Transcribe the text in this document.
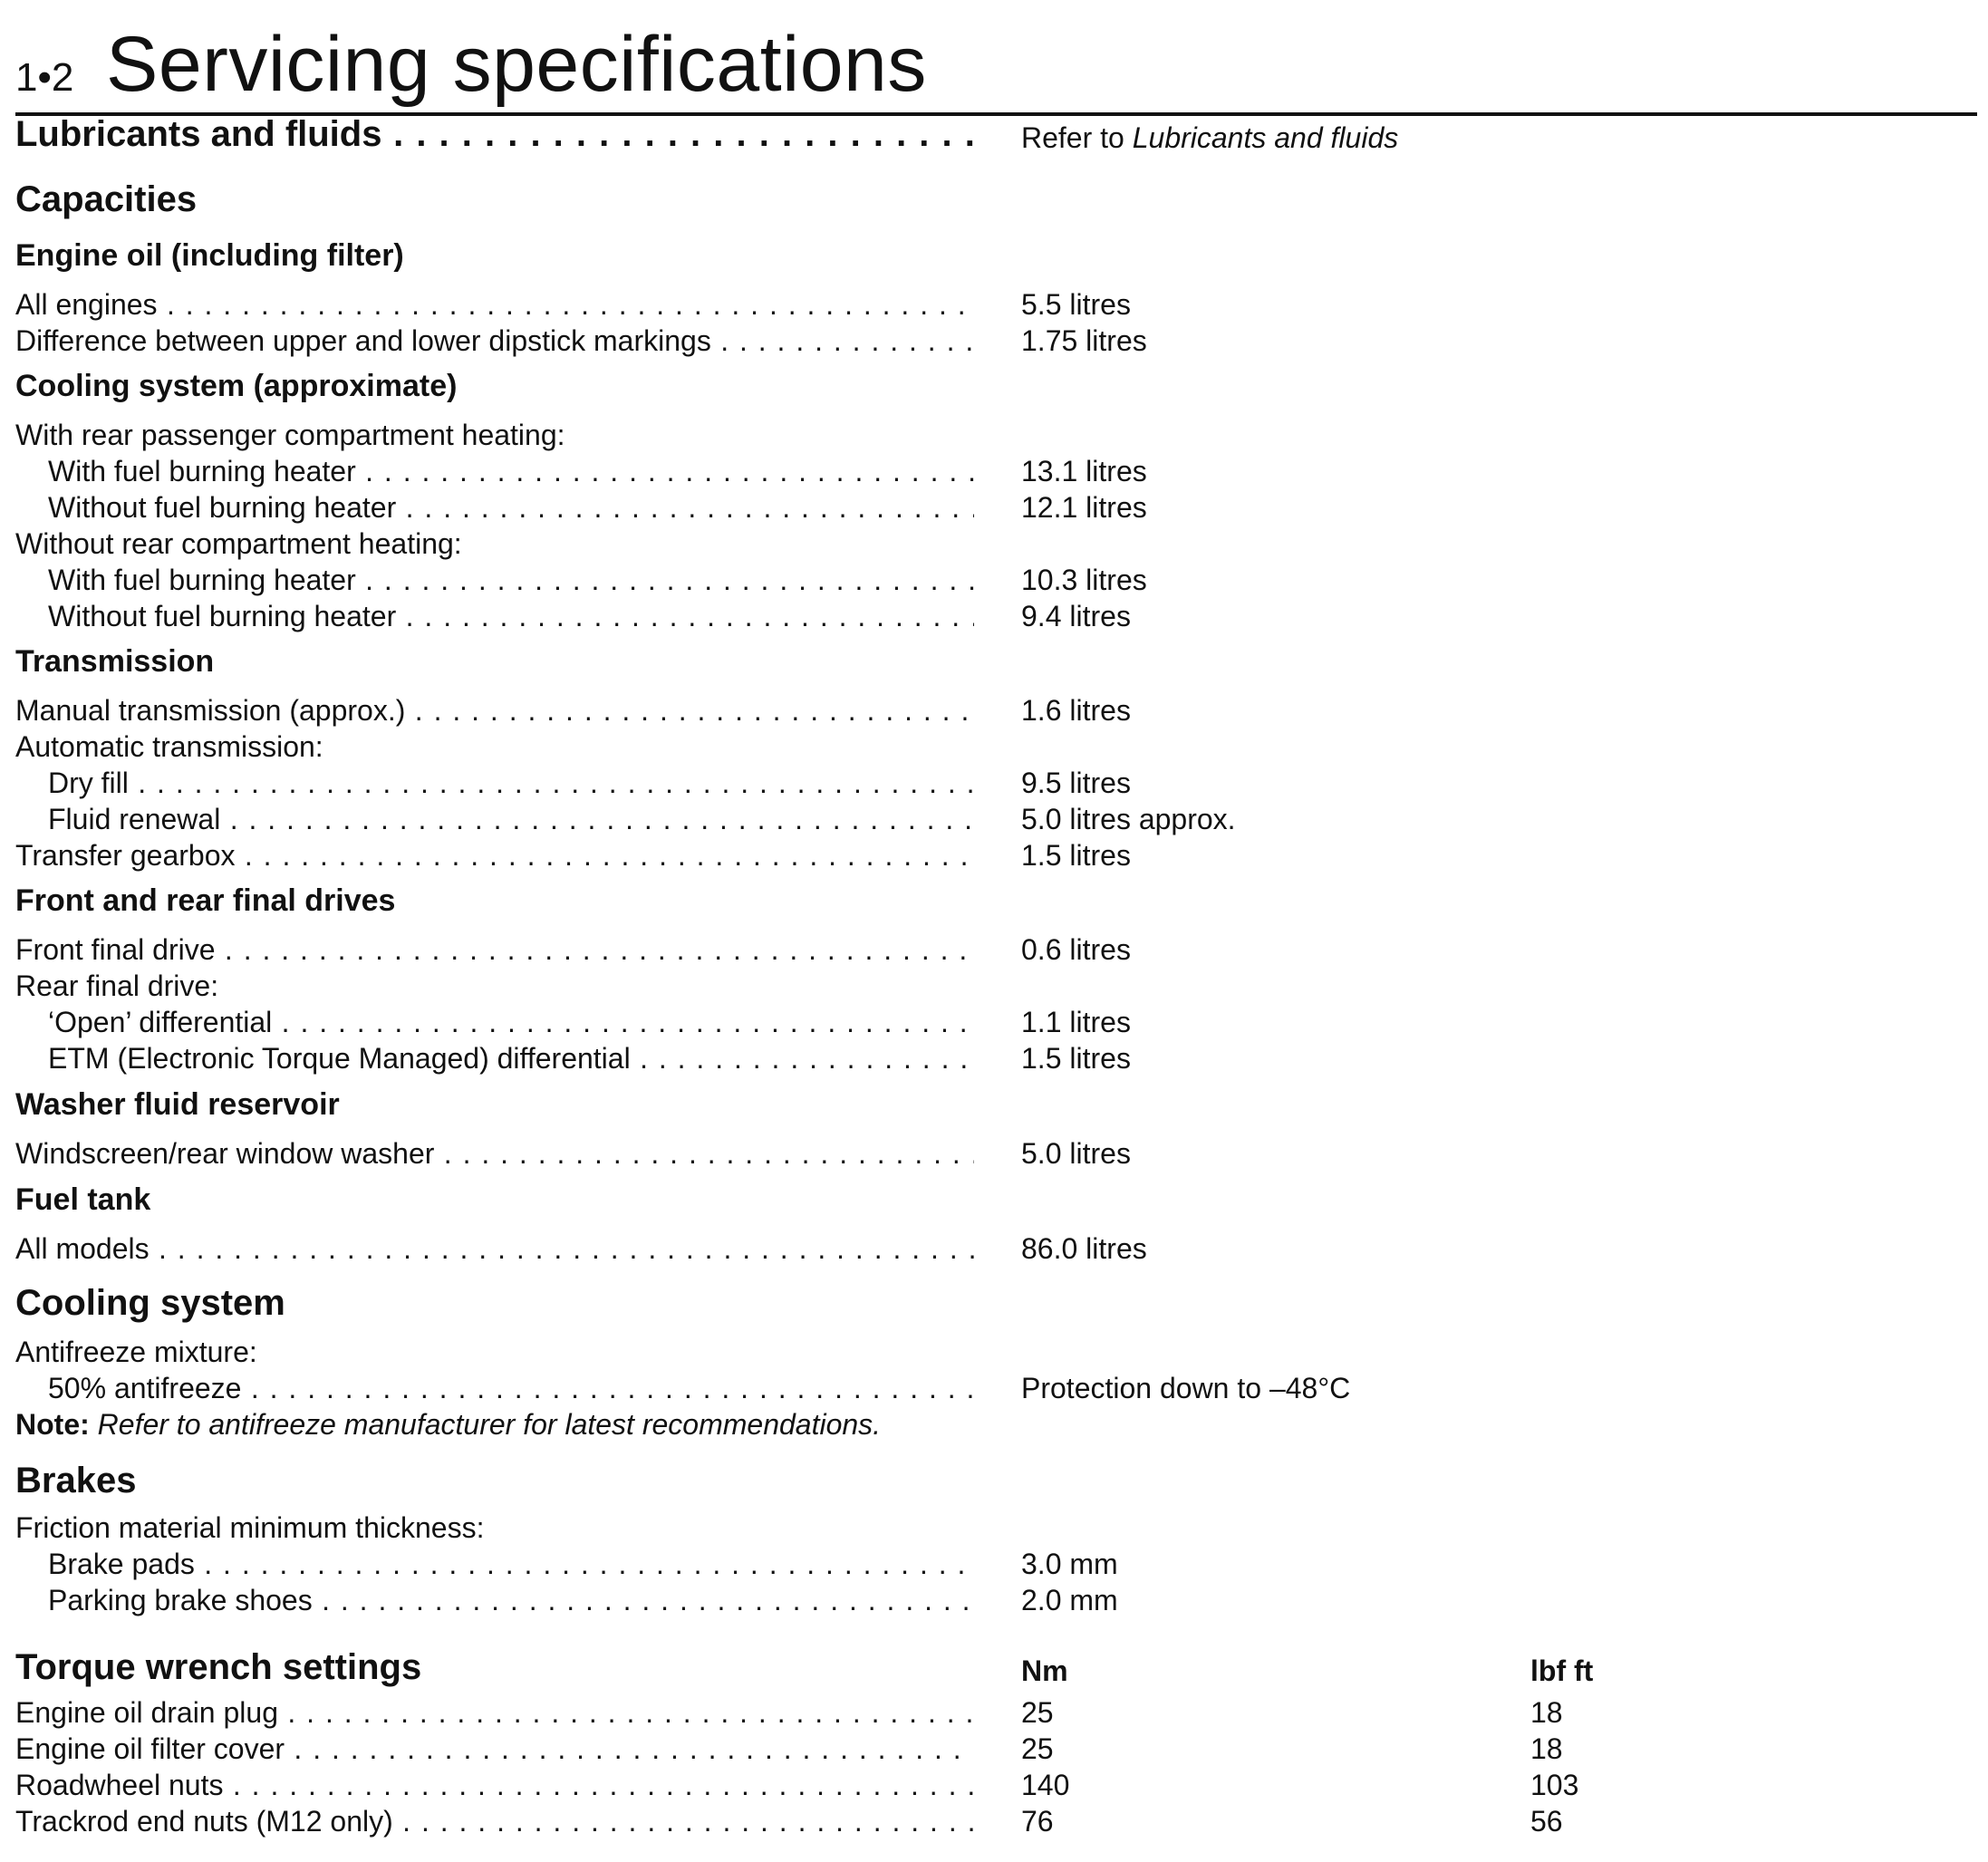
1•2 Servicing specifications
Lubricants and fluids . . .	Refer to Lubricants and fluids
Capacities
Engine oil (including filter)
All engines . . .	5.5 litres
Difference between upper and lower dipstick markings . . .	1.75 litres
Cooling system (approximate)
With rear passenger compartment heating:
With fuel burning heater . . .	13.1 litres
Without fuel burning heater . . .	12.1 litres
Without rear compartment heating:
With fuel burning heater . . .	10.3 litres
Without fuel burning heater . . .	9.4 litres
Transmission
Manual transmission (approx.) . . .	1.6 litres
Automatic transmission:
Dry fill . . .	9.5 litres
Fluid renewal . . .	5.0 litres approx.
Transfer gearbox . . .	1.5 litres
Front and rear final drives
Front final drive . . .	0.6 litres
Rear final drive:
‘Open’ differential . . .	1.1 litres
ETM (Electronic Torque Managed) differential . . .	1.5 litres
Washer fluid reservoir
Windscreen/rear window washer . . .	5.0 litres
Fuel tank
All models . . .	86.0 litres
Cooling system
Antifreeze mixture:
50% antifreeze . . .	Protection down to –48°C
Note: Refer to antifreeze manufacturer for latest recommendations.
Brakes
Friction material minimum thickness:
Brake pads . . .	3.0 mm
Parking brake shoes . . .	2.0 mm
Torque wrench settings	Nm	lbf ft
Engine oil drain plug . . .	25	18
Engine oil filter cover . . .	25	18
Roadwheel nuts . . .	140	103
Trackrod end nuts (M12 only) . . .	76	56
